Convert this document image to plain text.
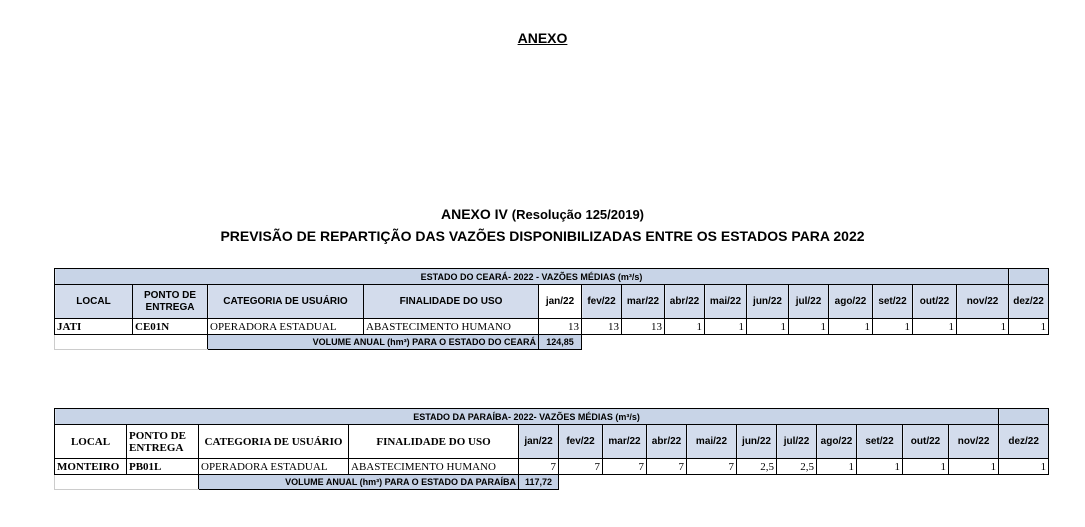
ANEXO
ANEXO IV (Resolução 125/2019)
PREVISÃO DE REPARTIÇÃO DAS VAZÕES DISPONIBILIZADAS ENTRE OS ESTADOS PARA 2022
ESTADO DO CEARÁ- 2022 - VAZÕES MÉDIAS (m³/s)															
LOCAL	PONTO DE ENTREGA	CATEGORIA DE USUÁRIO	FINALIDADE DO USO	jan/22	fev/22	mar/22	abr/22	mai/22	jun/22	jul/22	ago/22	set/22	out/22	nov/22	dez/22
JATI	CE01N	OPERADORA ESTADUAL	ABASTECIMENTO HUMANO	13	13	13	1	1	1	1	1	1	1	1	1
		VOLUME ANUAL (hm³) PARA O ESTADO DO CEARÁ		124,85											
ESTADO DA PARAÍBA- 2022- VAZÕES MÉDIAS (m³/s)															
LOCAL	PONTO DE ENTREGA	CATEGORIA DE USUÁRIO	FINALIDADE DO USO	jan/22	fev/22	mar/22	abr/22	mai/22	jun/22	jul/22	ago/22	set/22	out/22	nov/22	dez/22
MONTEIRO	PB01L	OPERADORA ESTADUAL	ABASTECIMENTO HUMANO	7	7	7	7	7	2,5	2,5	1	1	1	1	1
		VOLUME ANUAL (hm³) PARA O ESTADO DA PARAÍBA		117,72											
